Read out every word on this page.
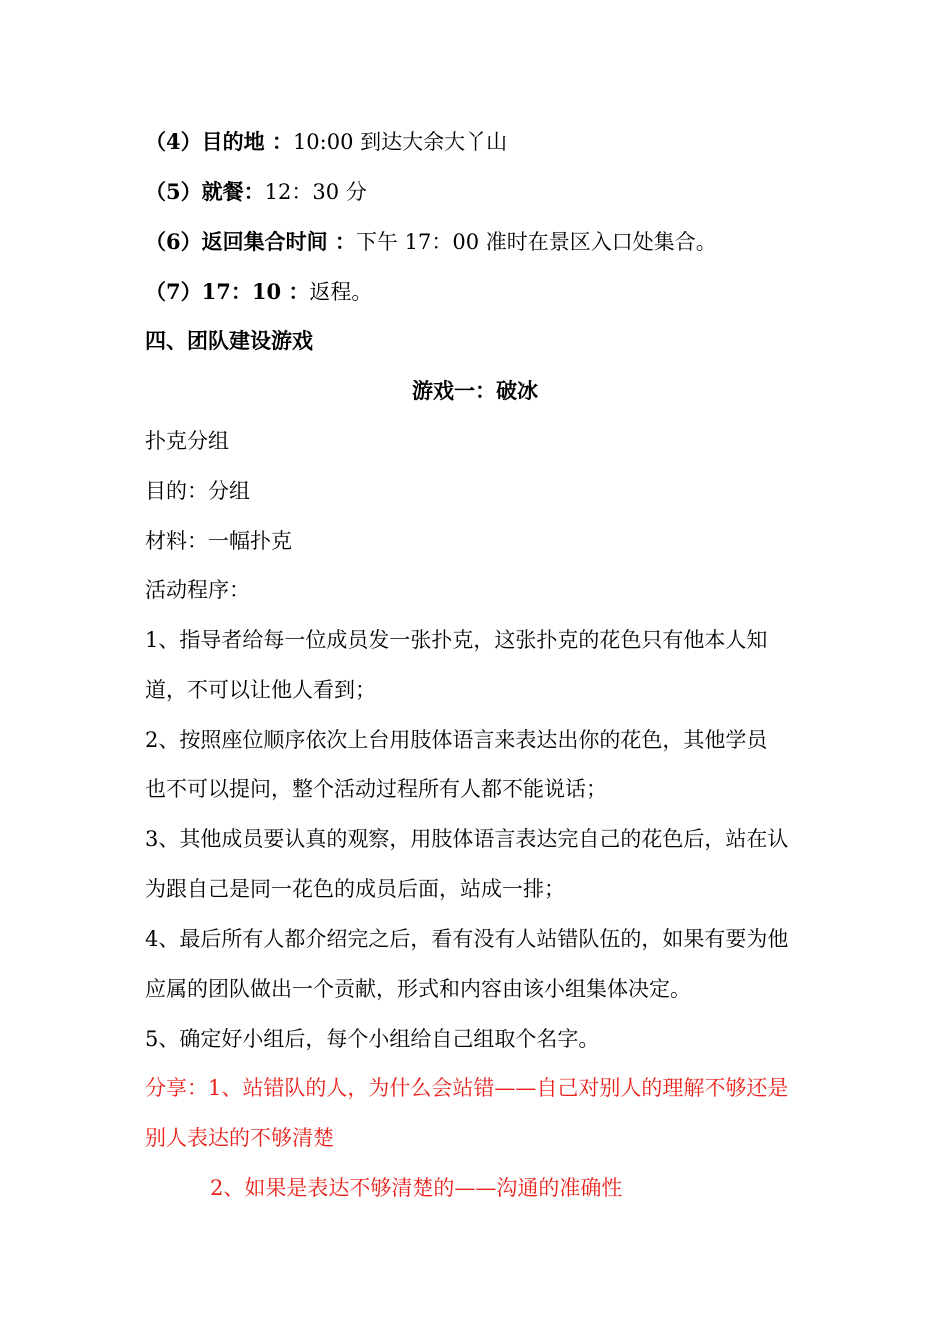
（4）目的地 ：10:00 到达大余大丫山
（5）就餐：12：30 分
（6）返回集合时间 ：下午 17：00 准时在景区入口处集合。
（7）17：10 ：返程。
四、团队建设游戏
游戏一：破冰
扑克分组
目的：分组
材料：一幅扑克
活动程序：
1、指导者给每一位成员发一张扑克，这张扑克的花色只有他本人知
道，不可以让他人看到；
2、按照座位顺序依次上台用肢体语言来表达出你的花色，其他学员
也不可以提问，整个活动过程所有人都不能说话；
3、其他成员要认真的观察，用肢体语言表达完自己的花色后，站在认
为跟自己是同一花色的成员后面，站成一排；
4、最后所有人都介绍完之后，看有没有人站错队伍的，如果有要为他
应属的团队做出一个贡献，形式和内容由该小组集体决定。
5、确定好小组后，每个小组给自己组取个名字。
分享：1、站错队的人，为什么会站错——自己对别人的理解不够还是
别人表达的不够清楚
2、如果是表达不够清楚的——沟通的准确性
